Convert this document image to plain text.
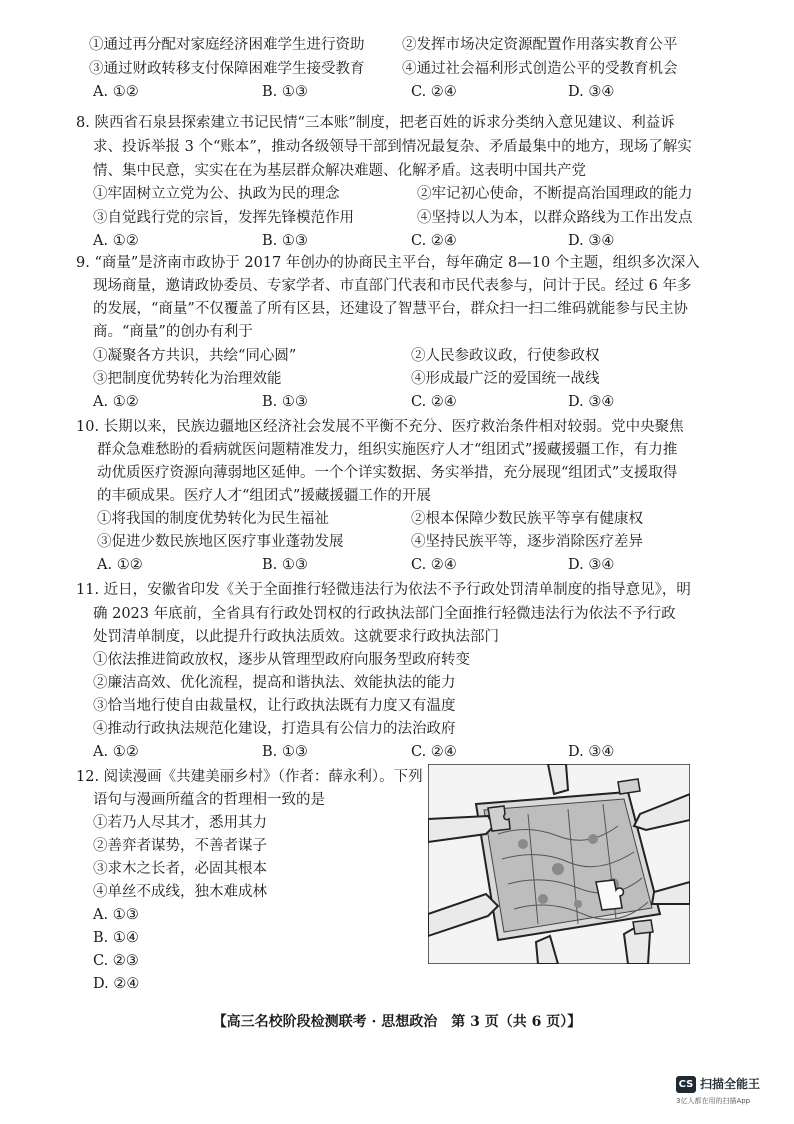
①通过再分配对家庭经济困难学生进行资助	②发挥市场决定资源配置作用落实教育公平
③通过财政转移支付保障困难学生接受教育	④通过社会福利形式创造公平的受教育机会
A. ①②	B. ①③	C. ②④	D. ③④
8. 陕西省石泉县探索建立书记民情“三本账”制度，把老百姓的诉求分类纳入意见建议、利益诉
求、投诉举报 3 个“账本”，推动各级领导干部到情况最复杂、矛盾最集中的地方，现场了解实
情、集中民意，实实在在为基层群众解决难题、化解矛盾。这表明中国共产党
①牢固树立立党为公、执政为民的理念	②牢记初心使命，不断提高治国理政的能力
③自觉践行党的宗旨，发挥先锋模范作用	④坚持以人为本，以群众路线为工作出发点
A. ①②	B. ①③	C. ②④	D. ③④
9. “商量”是济南市政协于 2017 年创办的协商民主平台，每年确定 8—10 个主题，组织多次深入
现场商量，邀请政协委员、专家学者、市直部门代表和市民代表参与，问计于民。经过 6 年多
的发展，“商量”不仅覆盖了所有区县，还建设了智慧平台，群众扫一扫二维码就能参与民主协
商。“商量”的创办有利于
①凝聚各方共识，共绘“同心圆”	②人民参政议政，行使参政权
③把制度优势转化为治理效能	④形成最广泛的爱国统一战线
A. ①②	B. ①③	C. ②④	D. ③④
10. 长期以来，民族边疆地区经济社会发展不平衡不充分、医疗救治条件相对较弱。党中央聚焦
群众急难愁盼的看病就医问题精准发力，组织实施医疗人才“组团式”援藏援疆工作，有力推
动优质医疗资源向薄弱地区延伸。一个个详实数据、务实举措，充分展现“组团式”支援取得
的丰硕成果。医疗人才“组团式”援藏援疆工作的开展
①将我国的制度优势转化为民生福祉	②根本保障少数民族平等享有健康权
③促进少数民族地区医疗事业蓬勃发展	④坚持民族平等，逐步消除医疗差异
A. ①②	B. ①③	C. ②④	D. ③④
11. 近日，安徽省印发《关于全面推行轻微违法行为依法不予行政处罚清单制度的指导意见》，明
确 2023 年底前，全省具有行政处罚权的行政执法部门全面推行轻微违法行为依法不予行政
处罚清单制度，以此提升行政执法质效。这就要求行政执法部门
①依法推进简政放权，逐步从管理型政府向服务型政府转变
②廉洁高效、优化流程，提高和谐执法、效能执法的能力
③恰当地行使自由裁量权，让行政执法既有力度又有温度
④推动行政执法规范化建设，打造具有公信力的法治政府
A. ①②	B. ①③	C. ②④	D. ③④
12. 阅读漫画《共建美丽乡村》（作者：薛永利）。下列
语句与漫画所蕴含的哲理相一致的是
①若乃人尽其才，悉用其力
②善弈者谋势，不善者谋子
③求木之长者，必固其根本
④单丝不成线，独木难成林
A. ①③
B. ①④
C. ②③
D. ②④
【高三名校阶段检测联考 · 思想政治　第 3 页（共 6 页）】
CS 扫描全能王
3亿人都在用的扫描App
